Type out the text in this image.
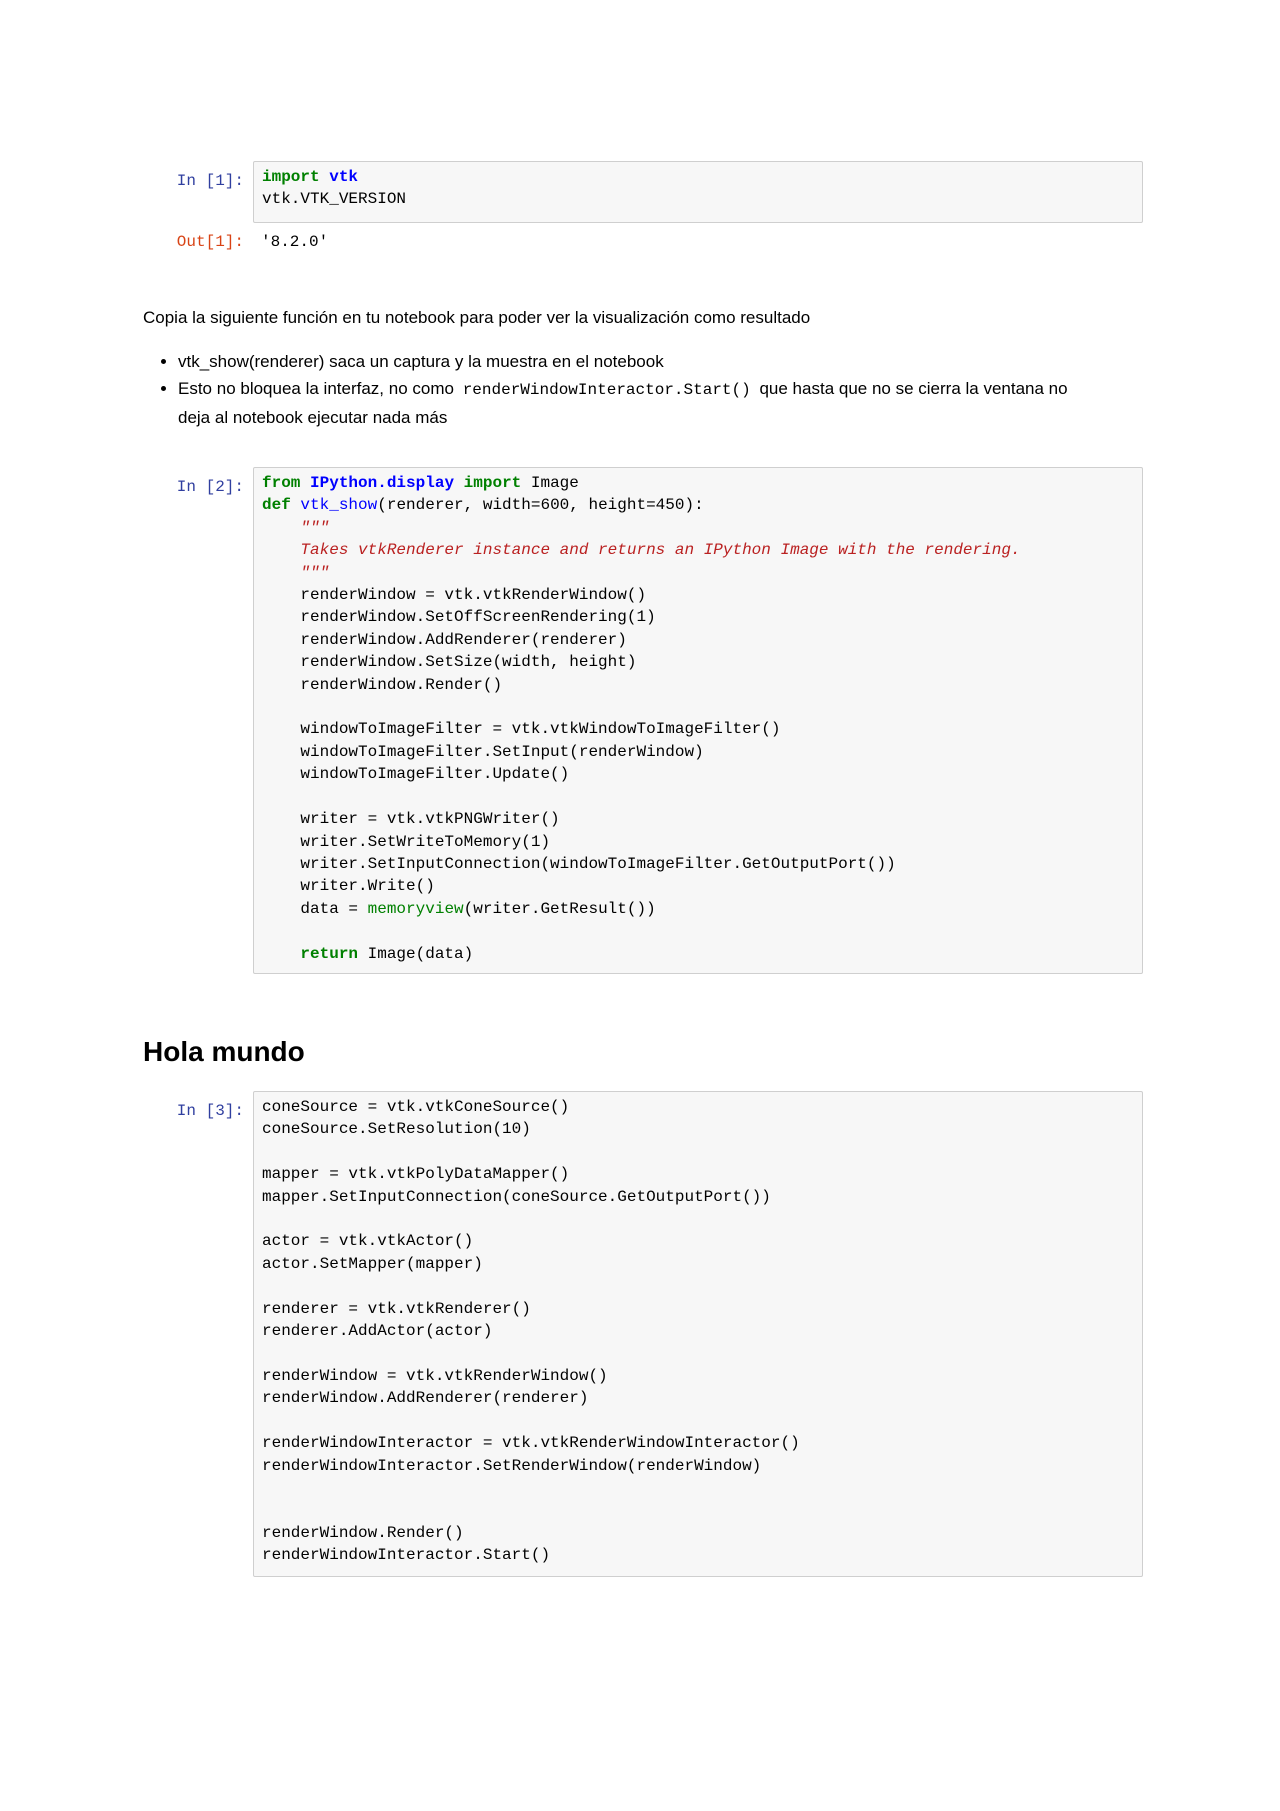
In [1]: import vtk
vtk.VTK_VERSION
Out[1]: '8.2.0'
Copia la siguiente función en tu notebook para poder ver la visualización como resultado
• vtk_show(renderer) saca un captura y la muestra en el notebook
• Esto no bloquea la interfaz, no como renderWindowInteractor.Start() que hasta que no se cierra la ventana no deja al notebook ejecutar nada más
In [2]: from IPython.display import Image
def vtk_show(renderer, width=600, height=450):
"""
Takes vtkRenderer instance and returns an IPython Image with the rendering.
"""
renderWindow = vtk.vtkRenderWindow()
renderWindow.SetOffScreenRendering(1)
renderWindow.AddRenderer(renderer)
renderWindow.SetSize(width, height)
renderWindow.Render()

windowToImageFilter = vtk.vtkWindowToImageFilter()
windowToImageFilter.SetInput(renderWindow)
windowToImageFilter.Update()

writer = vtk.vtkPNGWriter()
writer.SetWriteToMemory(1)
writer.SetInputConnection(windowToImageFilter.GetOutputPort())
writer.Write()
data = memoryview(writer.GetResult())

return Image(data)
Hola mundo
In [3]: coneSource = vtk.vtkConeSource()
coneSource.SetResolution(10)

mapper = vtk.vtkPolyDataMapper()
mapper.SetInputConnection(coneSource.GetOutputPort())

actor = vtk.vtkActor()
actor.SetMapper(mapper)

renderer = vtk.vtkRenderer()
renderer.AddActor(actor)

renderWindow = vtk.vtkRenderWindow()
renderWindow.AddRenderer(renderer)

renderWindowInteractor = vtk.vtkRenderWindowInteractor()
renderWindowInteractor.SetRenderWindow(renderWindow)

renderWindow.Render()
renderWindowInteractor.Start()
